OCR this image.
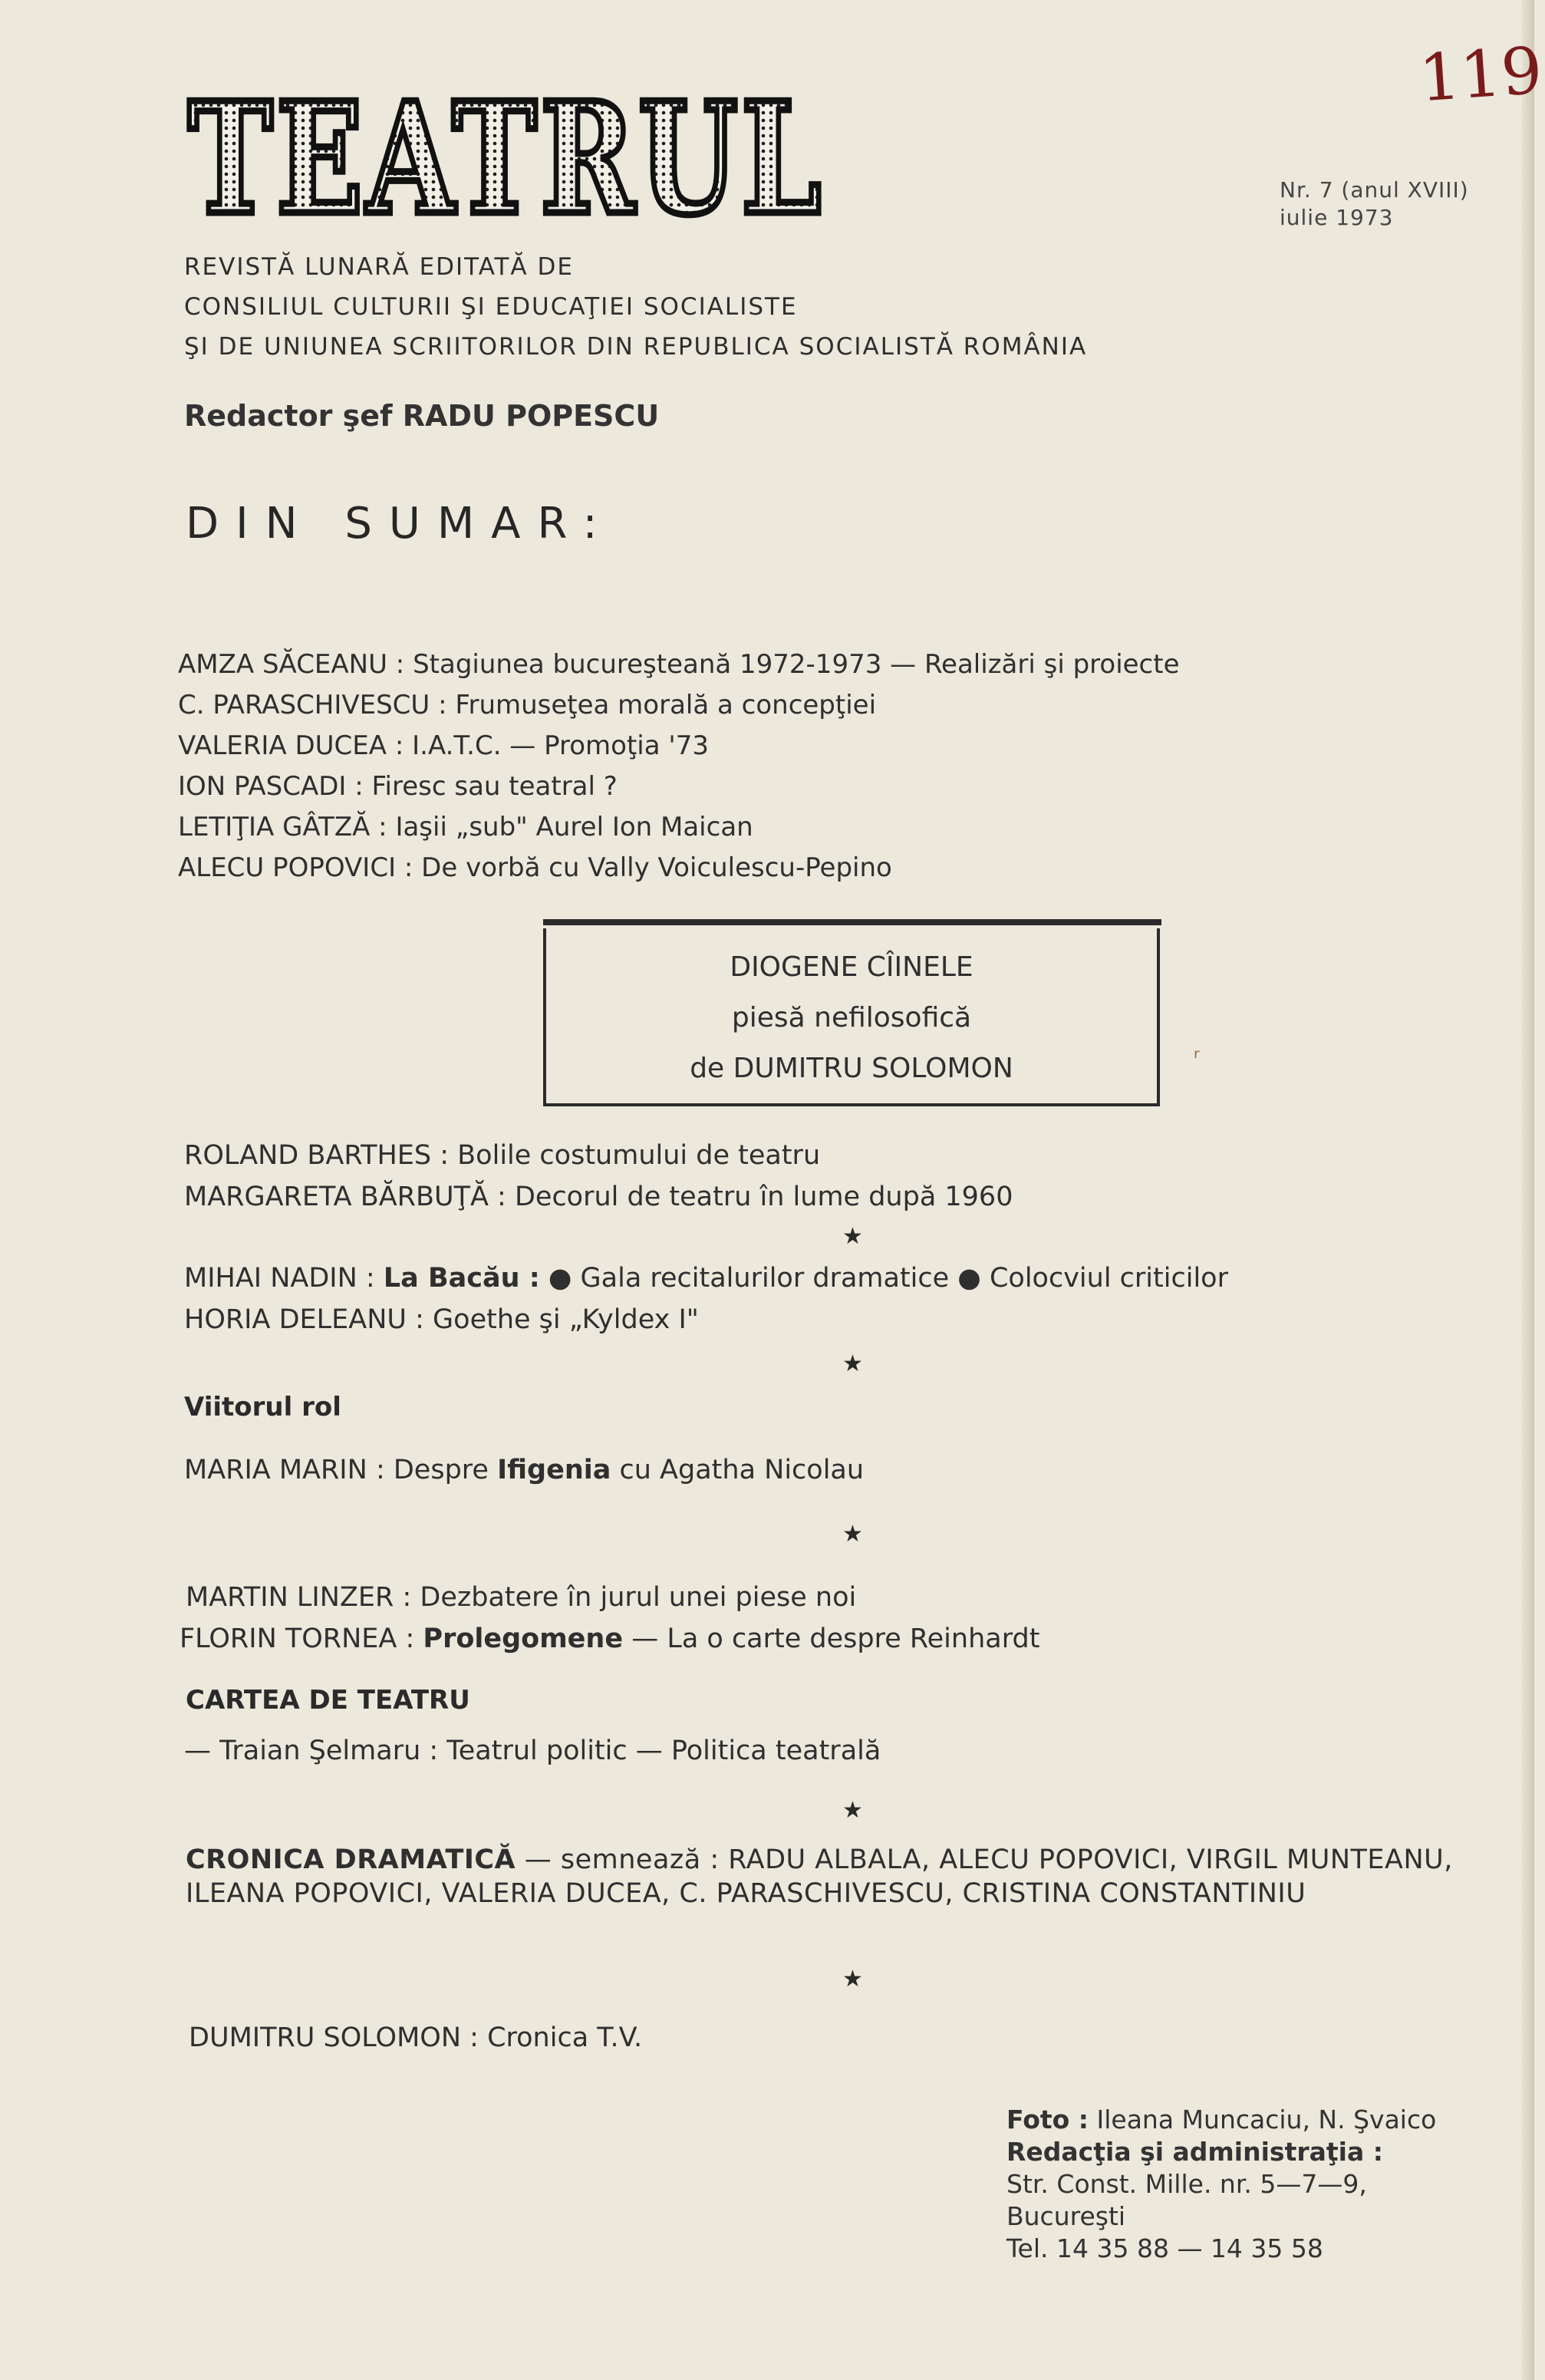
TEATRUL	119
Nr. 7 (anul XVIII)
iulie 1973
REVISTĂ LUNARĂ EDITATĂ DE
CONSILIUL CULTURII ŞI EDUCAŢIEI SOCIALISTE
ŞI DE UNIUNEA SCRIITORILOR DIN REPUBLICA SOCIALISTĂ ROMÂNIA
Redactor şef RADU POPESCU
DIN SUMAR:
AMZA SĂCEANU : Stagiunea bucureşteană 1972-1973 — Realizări şi proiecte
C. PARASCHIVESCU : Frumuseţea morală a concepţiei
VALERIA DUCEA : I.A.T.C. — Promoţia '73
ION PASCADI : Firesc sau teatral ?
LETIŢIA GÂTZĂ : Iaşii „sub" Aurel Ion Maican
ALECU POPOVICI : De vorbă cu Vally Voiculescu-Pepino
DIOGENE CÎINELE
piesă nefilosofică
de DUMITRU SOLOMON	ʳ
ROLAND BARTHES : Bolile costumului de teatru
MARGARETA BĂRBUŢĂ : Decorul de teatru în lume după 1960
★
MIHAI NADIN : La Bacău : ● Gala recitalurilor dramatice ● Colocviul criticilor
HORIA DELEANU : Goethe şi „Kyldex I"
★
Viitorul rol
MARIA MARIN : Despre Ifigenia cu Agatha Nicolau
★
MARTIN LINZER : Dezbatere în jurul unei piese noi
FLORIN TORNEA : Prolegomene — La o carte despre Reinhardt
CARTEA DE TEATRU
— Traian Şelmaru : Teatrul politic — Politica teatrală
★
CRONICA DRAMATICĂ — semnează : RADU ALBALA, ALECU POPOVICI, VIRGIL MUNTEANU, ILEANA POPOVICI, VALERIA DUCEA, C. PARASCHIVESCU, CRISTINA CONSTANTINIU
★
DUMITRU SOLOMON : Cronica T.V.
Foto : Ileana Muncaciu, N. Şvaico
Redacţia şi administraţia :
Str. Const. Mille. nr. 5—7—9,
Bucureşti
Tel. 14 35 88 — 14 35 58
